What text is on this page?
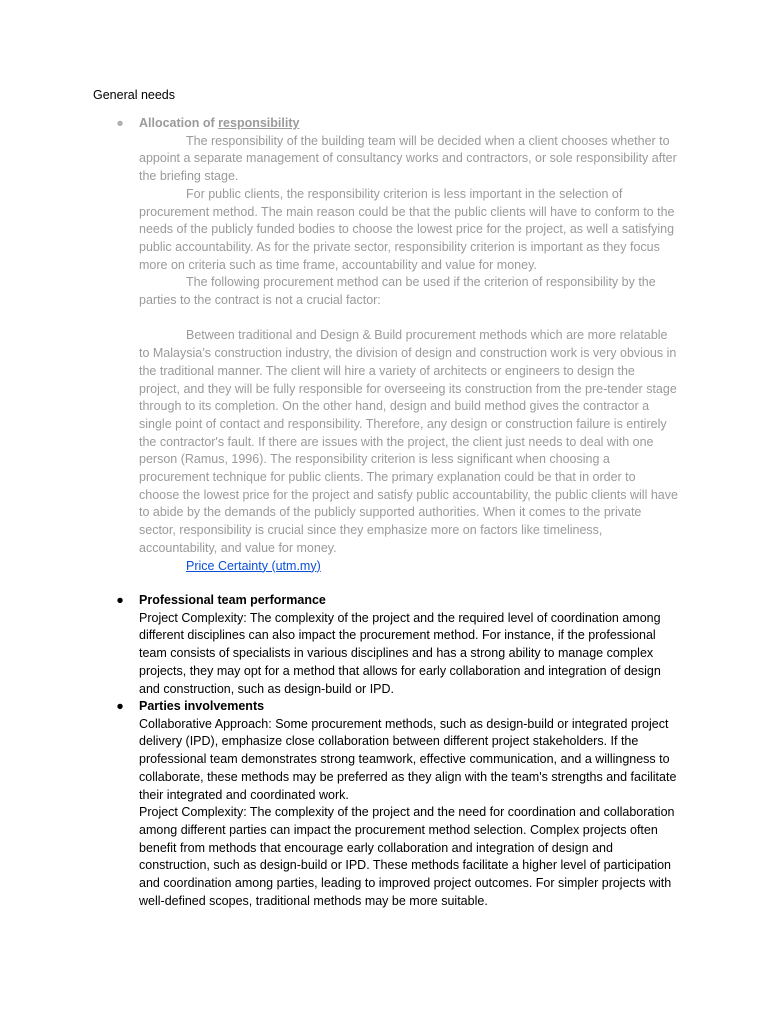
General needs
● Allocation of responsibility

The responsibility of the building team will be decided when a client chooses whether to appoint a separate management of consultancy works and contractors, or sole responsibility after the briefing stage.

For public clients, the responsibility criterion is less important in the selection of procurement method. The main reason could be that the public clients will have to conform to the needs of the publicly funded bodies to choose the lowest price for the project, as well a satisfying public accountability. As for the private sector, responsibility criterion is important as they focus more on criteria such as time frame, accountability and value for money.

The following procurement method can be used if the criterion of responsibility by the parties to the contract is not a crucial factor:

Between traditional and Design & Build procurement methods which are more relatable to Malaysia’s construction industry, the division of design and construction work is very obvious in the traditional manner. The client will hire a variety of architects or engineers to design the project, and they will be fully responsible for overseeing its construction from the pre-tender stage through to its completion. On the other hand, design and build method gives the contractor a single point of contact and responsibility. Therefore, any design or construction failure is entirely the contractor's fault. If there are issues with the project, the client just needs to deal with one person (Ramus, 1996). The responsibility criterion is less significant when choosing a procurement technique for public clients. The primary explanation could be that in order to choose the lowest price for the project and satisfy public accountability, the public clients will have to abide by the demands of the publicly supported authorities. When it comes to the private sector, responsibility is crucial since they emphasize more on factors like timeliness, accountability, and value for money.

Price Certainty (utm.my)
● Professional team performance

Project Complexity: The complexity of the project and the required level of coordination among different disciplines can also impact the procurement method. For instance, if the professional team consists of specialists in various disciplines and has a strong ability to manage complex projects, they may opt for a method that allows for early collaboration and integration of design and construction, such as design-build or IPD.

● Parties involvements

Collaborative Approach: Some procurement methods, such as design-build or integrated project delivery (IPD), emphasize close collaboration between different project stakeholders. If the professional team demonstrates strong teamwork, effective communication, and a willingness to collaborate, these methods may be preferred as they align with the team's strengths and facilitate their integrated and coordinated work.

Project Complexity: The complexity of the project and the need for coordination and collaboration among different parties can impact the procurement method selection. Complex projects often benefit from methods that encourage early collaboration and integration of design and construction, such as design-build or IPD. These methods facilitate a higher level of participation and coordination among parties, leading to improved project outcomes. For simpler projects with well-defined scopes, traditional methods may be more suitable.
